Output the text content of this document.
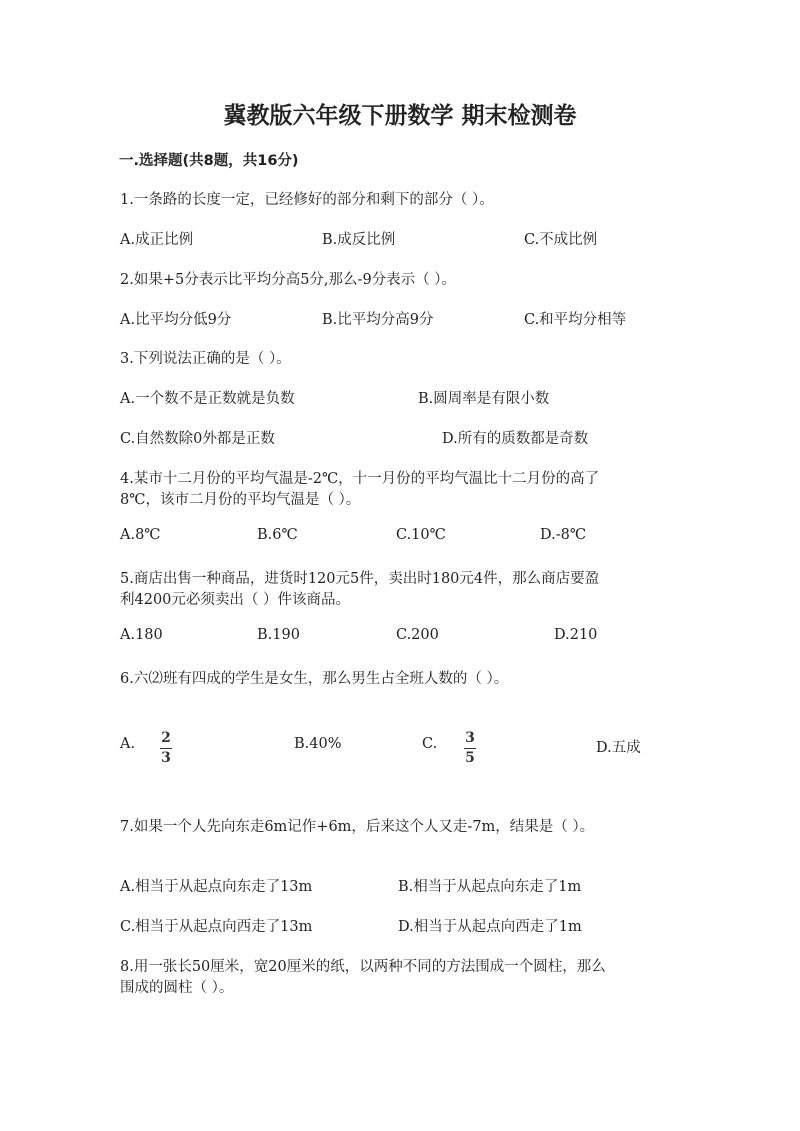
冀教版六年级下册数学 期末检测卷
一.选择题(共8题，共16分)
1.一条路的长度一定，已经修好的部分和剩下的部分（ ）。
A.成正比例	B.成反比例	C.不成比例
2.如果+5分表示比平均分高5分,那么-9分表示（ ）。
A.比平均分低9分	B.比平均分高9分	C.和平均分相等
3.下列说法正确的是（ ）。
A.一个数不是正数就是负数	B.圆周率是有限小数
C.自然数除0外都是正数	D.所有的质数都是奇数
4.某市十二月份的平均气温是-2℃，十一月份的平均气温比十二月份的高了
8℃，该市二月份的平均气温是（ ）。
A.8℃	B.6℃	C.10℃	D.-8℃
5.商店出售一种商品，进货时120元5件，卖出时180元4件，那么商店要盈
利4200元必须卖出（ ）件该商品。
A.180	B.190	C.200	D.210
6.六⑵班有四成的学生是女生，那么男生占全班人数的（ ）。
A. $\frac{2}{3}$	B.40%	C. $\frac{3}{5}$	D.五成
7.如果一个人先向东走6m记作+6m，后来这个人又走-7m，结果是（ ）。
A.相当于从起点向东走了13m	B.相当于从起点向东走了1m
C.相当于从起点向西走了13m	D.相当于从起点向西走了1m
8.用一张长50厘米，宽20厘米的纸，以两种不同的方法围成一个圆柱，那么
围成的圆柱（ ）。
